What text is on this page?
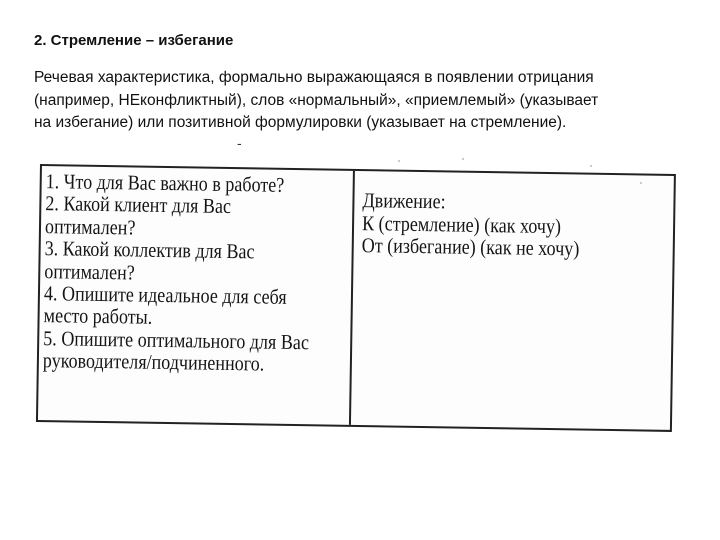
2. Стремление – избегание
Речевая характеристика, формально выражающаяся в появлении отрицания
(например, НЕконфликтный), слов «нормальный», «приемлемый» (указывает
на избегание) или позитивной формулировки (указывает на стремление).
-
1. Что для Вас важно в работе?
2. Какой клиент для Вас
оптимален?
3. Какой коллектив для Вас
оптимален?
4. Опишите идеальное для себя
место работы.
5. Опишите оптимального для Вас
руководителя/подчиненного.
Движение:
К (стремление) (как хочу)
От (избегание) (как не хочу)
